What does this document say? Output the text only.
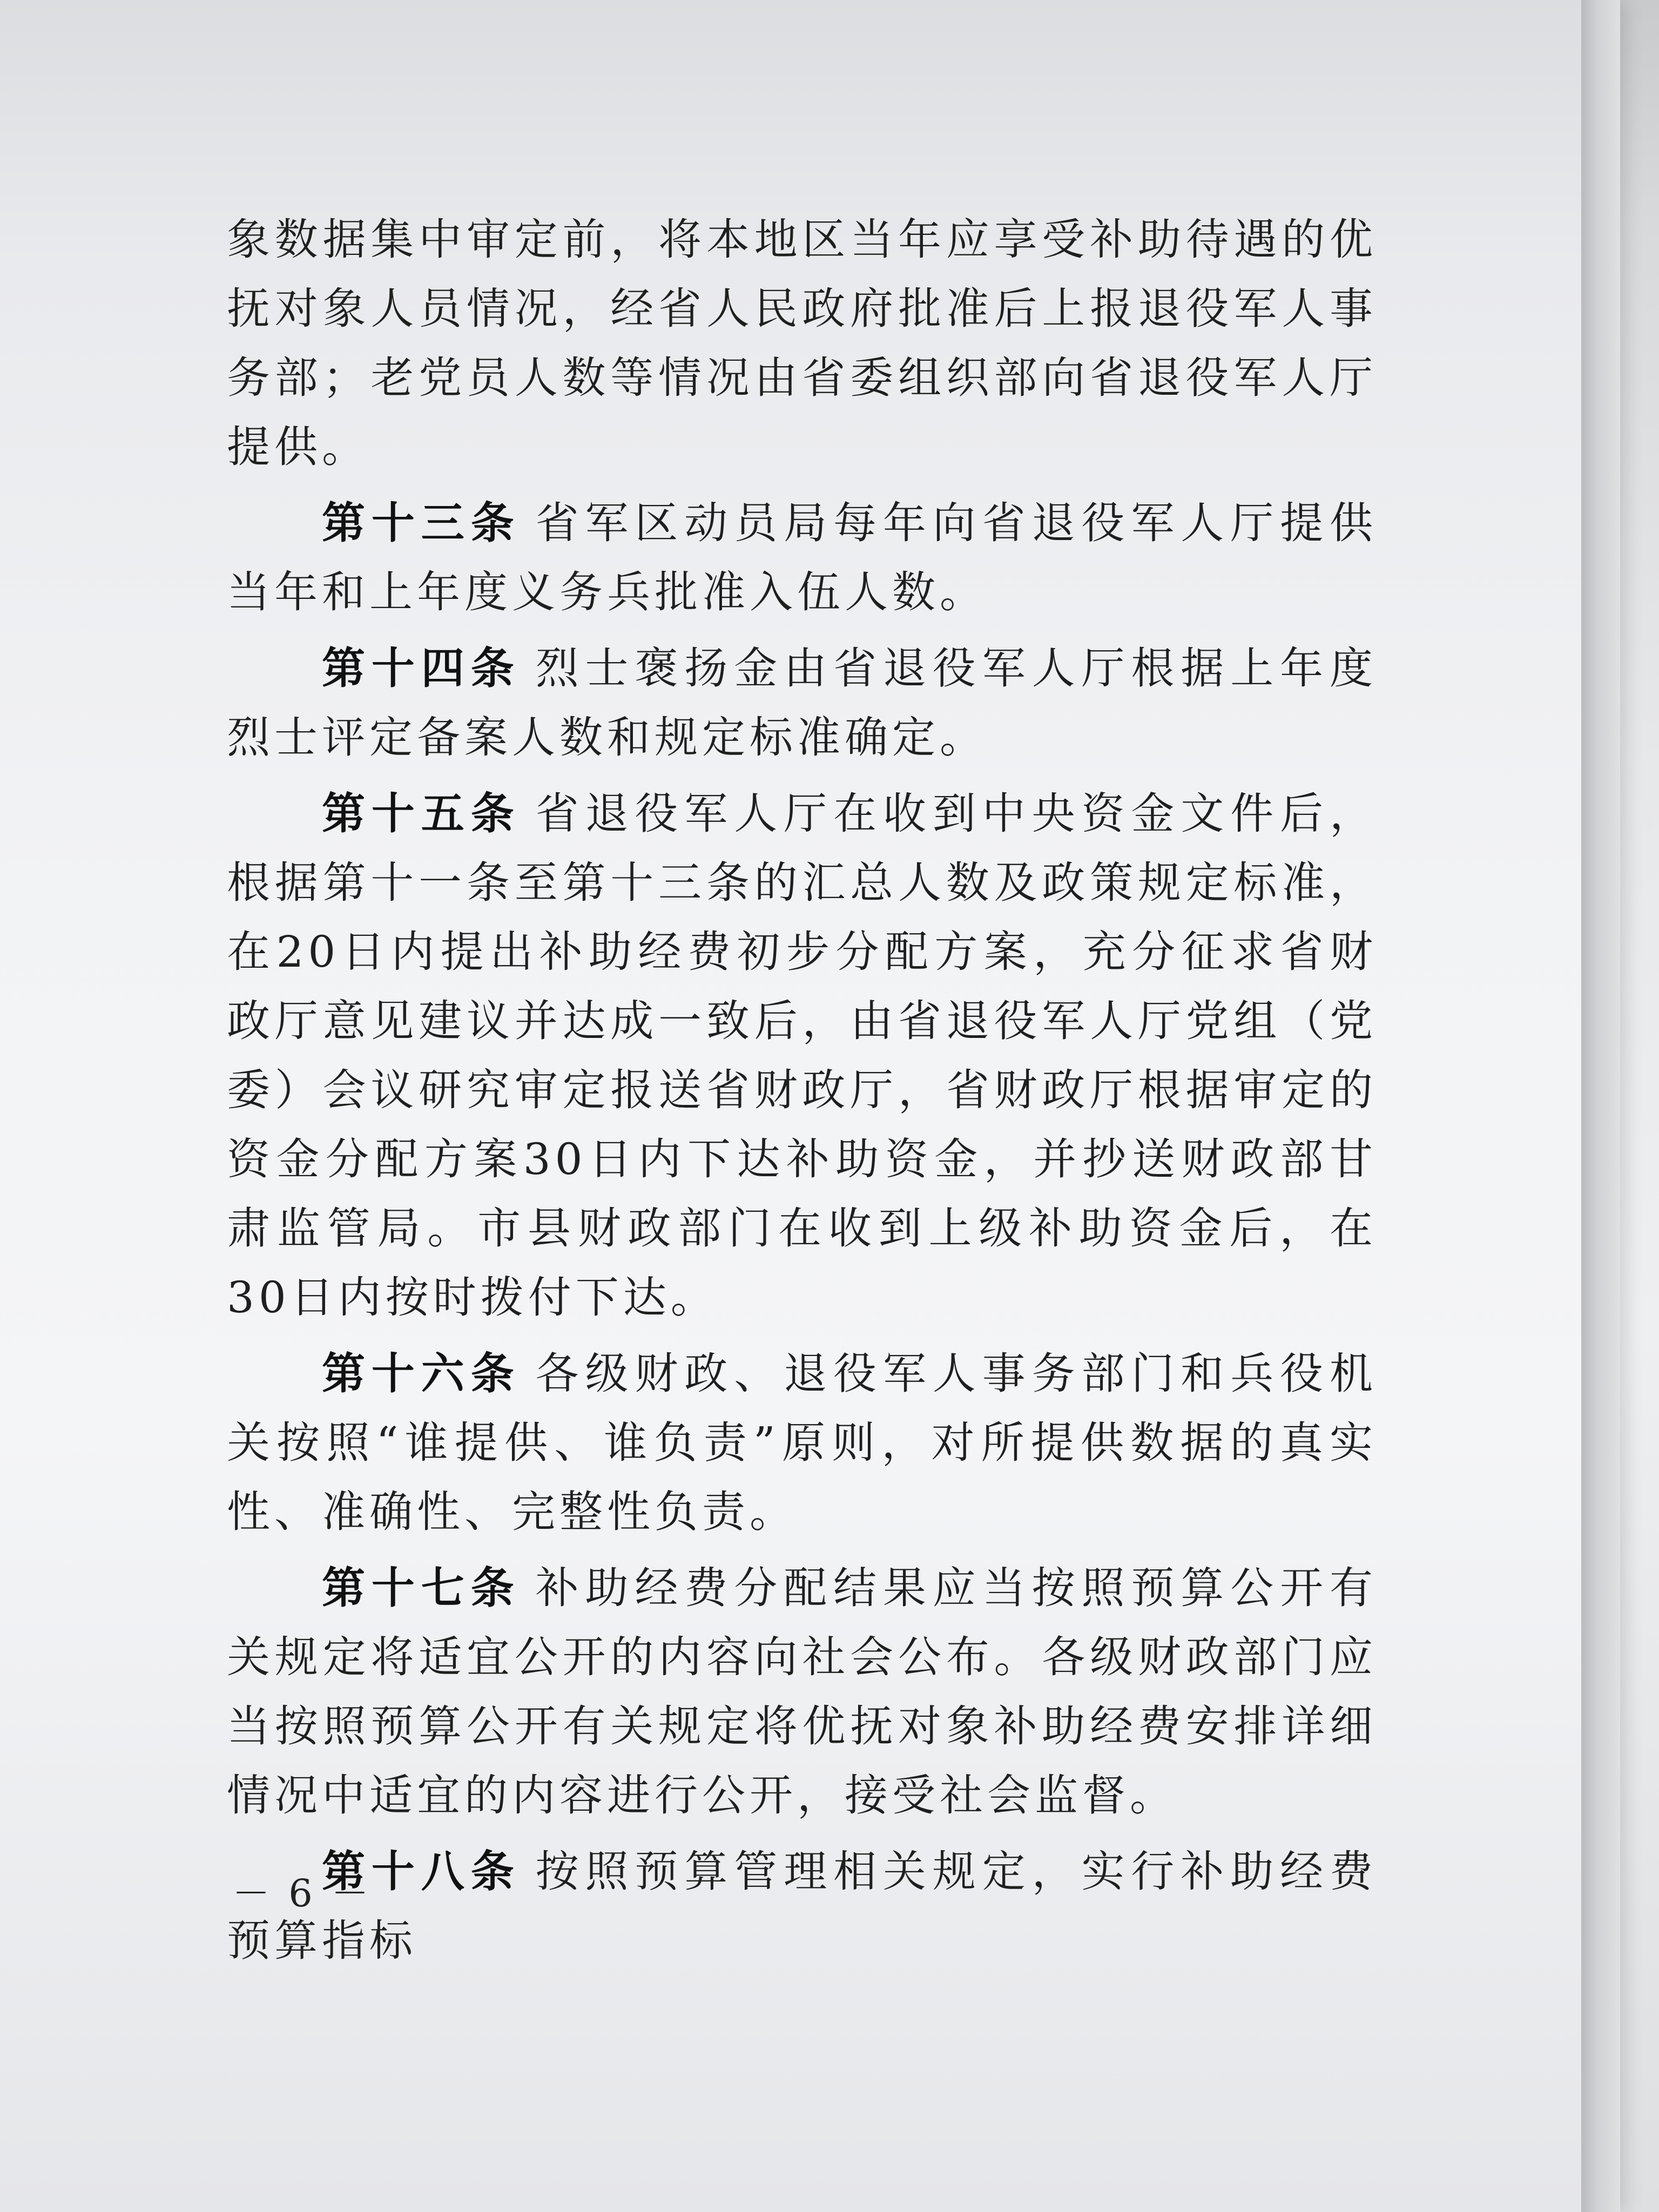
象数据集中审定前，将本地区当年应享受补助待遇的优抚对象人员情况，经省人民政府批准后上报退役军人事务部；老党员人数等情况由省委组织部向省退役军人厅提供。

第十三条 省军区动员局每年向省退役军人厅提供当年和上年度义务兵批准入伍人数。

第十四条 烈士褒扬金由省退役军人厅根据上年度烈士评定备案人数和规定标准确定。

第十五条 省退役军人厅在收到中央资金文件后，根据第十一条至第十三条的汇总人数及政策规定标准，在20日内提出补助经费初步分配方案，充分征求省财政厅意见建议并达成一致后，由省退役军人厅党组（党委）会议研究审定报送省财政厅，省财政厅根据审定的资金分配方案30日内下达补助资金，并抄送财政部甘肃监管局。市县财政部门在收到上级补助资金后，在30日内按时拨付下达。

第十六条 各级财政、退役军人事务部门和兵役机关按照“谁提供、谁负责”原则，对所提供数据的真实性、准确性、完整性负责。

第十七条 补助经费分配结果应当按照预算公开有关规定将适宜公开的内容向社会公布。各级财政部门应当按照预算公开有关规定将优抚对象补助经费安排详细情况中适宜的内容进行公开，接受社会监督。

第十八条 按照预算管理相关规定，实行补助经费预算指标

－ 6 －
